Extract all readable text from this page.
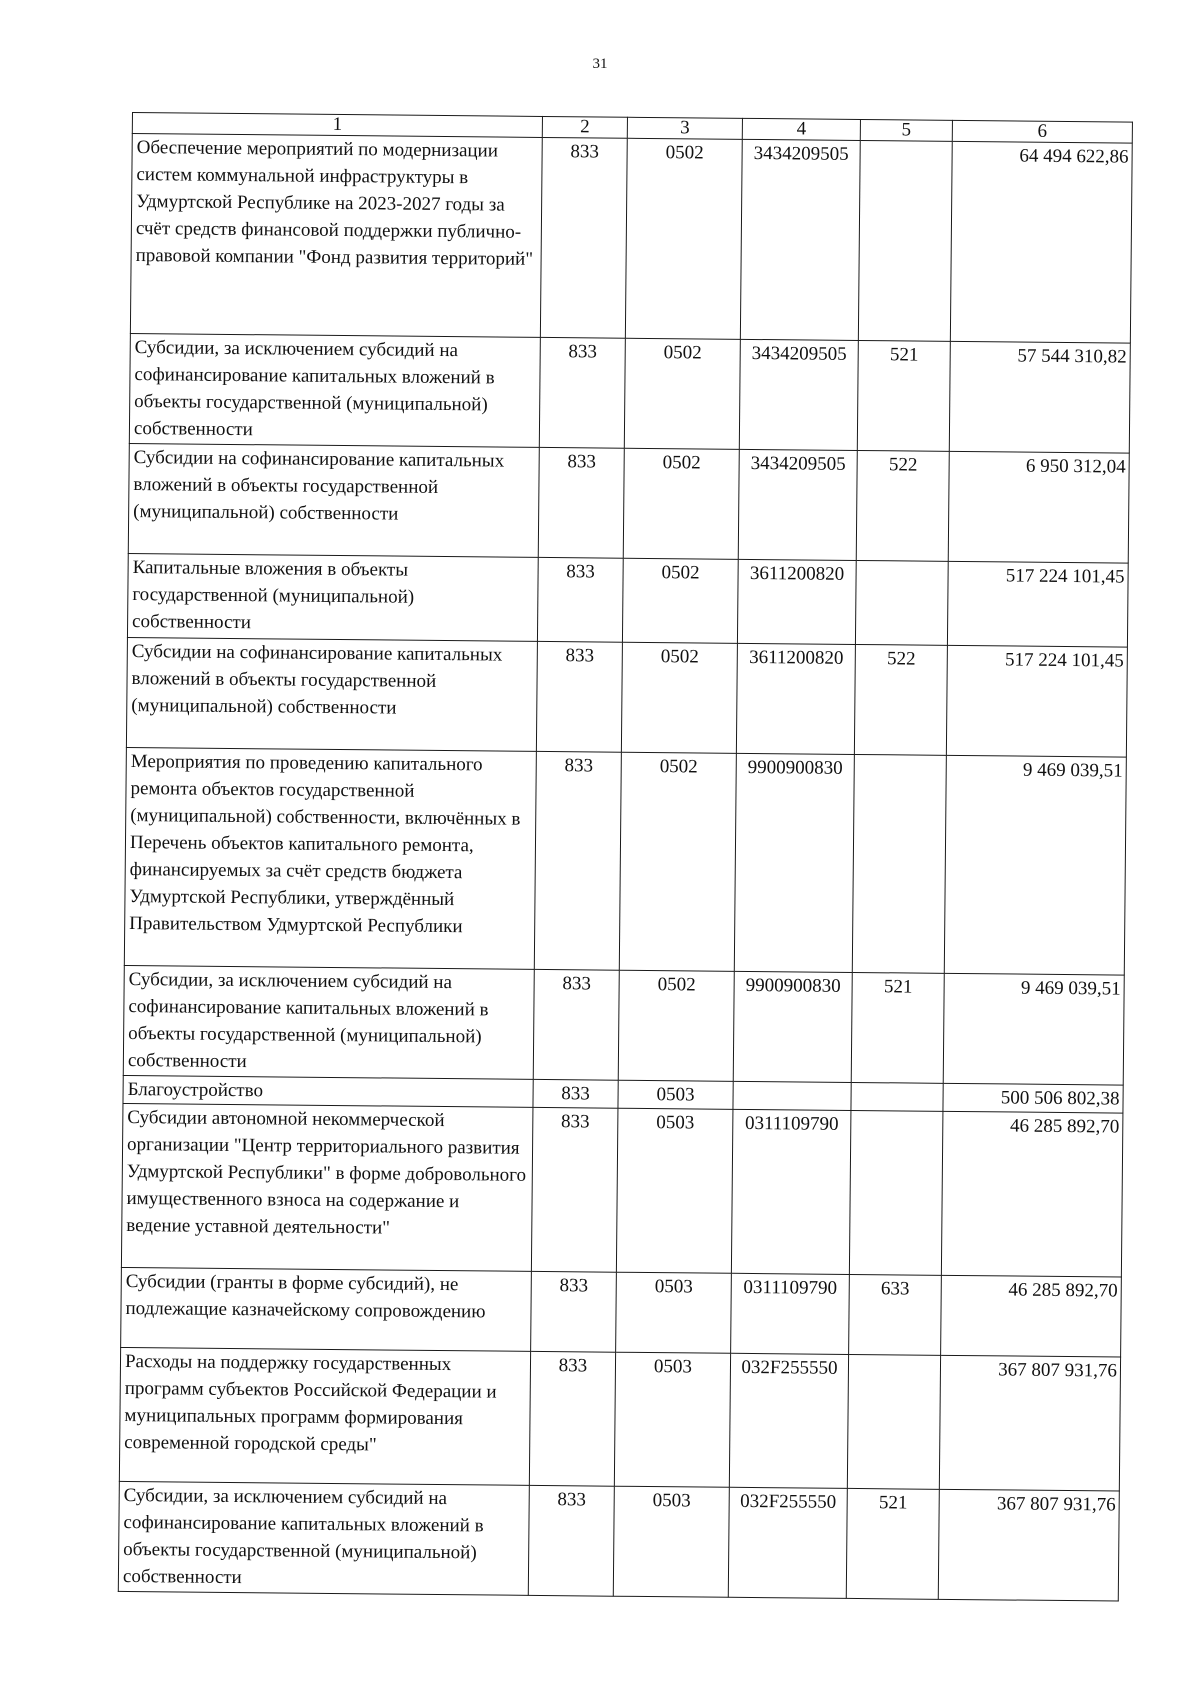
31
1	2	3	4	5	6
Обеспечение мероприятий по модернизации систем коммунальной инфраструктуры в Удмуртской Республике на 2023-2027 годы за счёт средств финансовой поддержки публично-правовой компании "Фонд развития территорий"	833	0502	3434209505		64 494 622,86
Субсидии, за исключением субсидий на софинансирование капитальных вложений в объекты государственной (муниципальной) собственности	833	0502	3434209505	521	57 544 310,82
Субсидии на софинансирование капитальных вложений в объекты государственной (муниципальной) собственности	833	0502	3434209505	522	6 950 312,04
Капитальные вложения в объекты государственной (муниципальной) собственности	833	0502	3611200820		517 224 101,45
Субсидии на софинансирование капитальных вложений в объекты государственной (муниципальной) собственности	833	0502	3611200820	522	517 224 101,45
Мероприятия по проведению капитального ремонта объектов государственной (муниципальной) собственности, включённых в Перечень объектов капитального ремонта, финансируемых за счёт средств бюджета Удмуртской Республики, утверждённый Правительством Удмуртской Республики	833	0502	9900900830		9 469 039,51
Субсидии, за исключением субсидий на софинансирование капитальных вложений в объекты государственной (муниципальной) собственности	833	0502	9900900830	521	9 469 039,51
Благоустройство	833	0503			500 506 802,38
Субсидии автономной некоммерческой организации "Центр территориального развития Удмуртской Республики" в форме добровольного имущественного взноса на содержание и ведение уставной деятельности"	833	0503	0311109790		46 285 892,70
Субсидии (гранты в форме субсидий), не подлежащие казначейскому сопровождению	833	0503	0311109790	633	46 285 892,70
Расходы на поддержку государственных программ субъектов Российской Федерации и муниципальных программ формирования современной городской среды"	833	0503	032F255550		367 807 931,76
Субсидии, за исключением субсидий на софинансирование капитальных вложений в объекты государственной (муниципальной) собственности	833	0503	032F255550	521	367 807 931,76
